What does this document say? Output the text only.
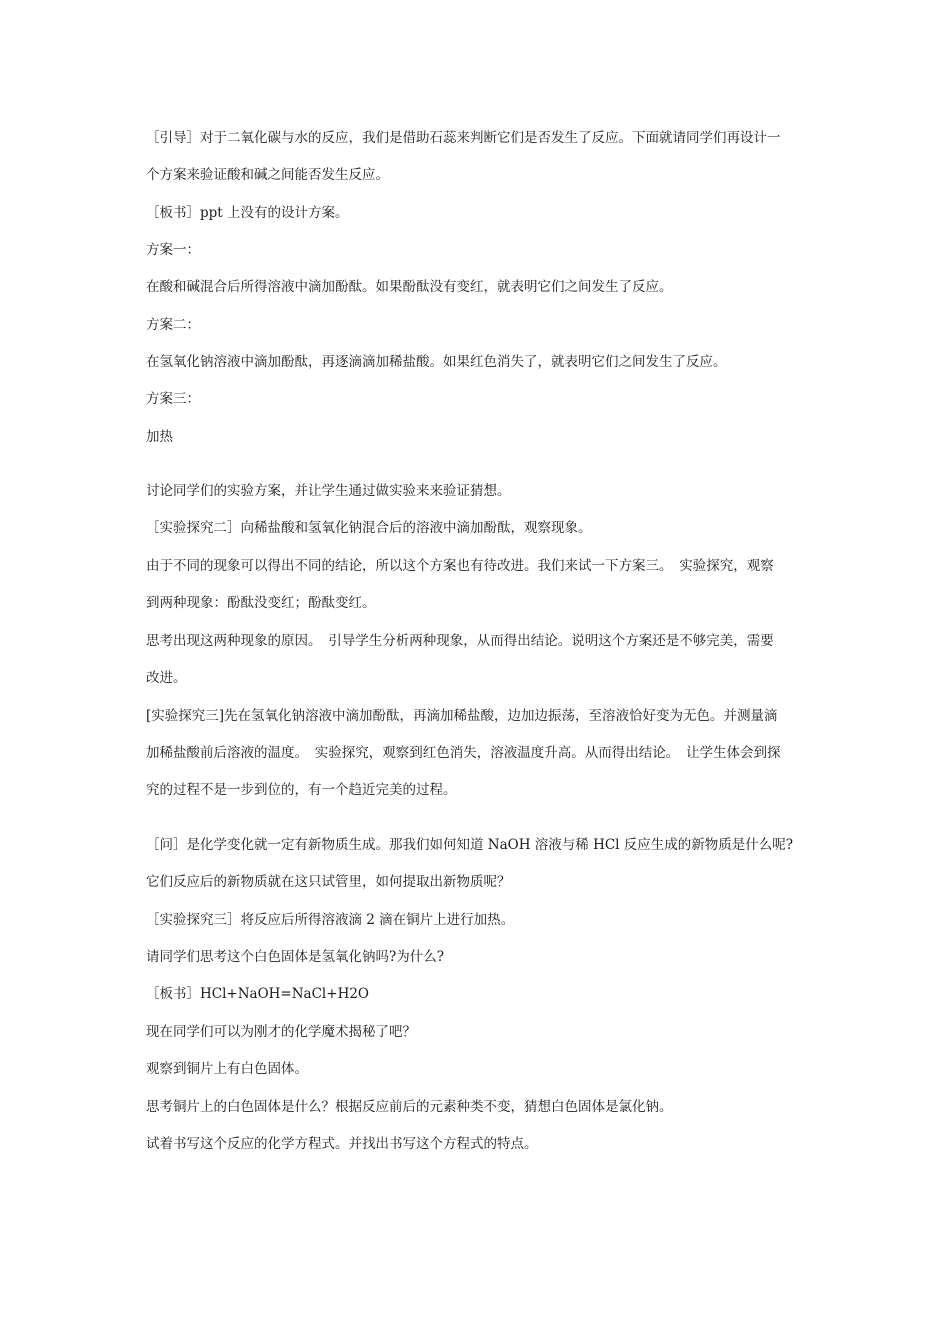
［引导］对于二氧化碳与水的反应，我们是借助石蕊来判断它们是否发生了反应。下面就请同学们再设计一
个方案来验证酸和碱之间能否发生反应。
［板书］ppt 上没有的设计方案。
方案一：
在酸和碱混合后所得溶液中滴加酚酞。如果酚酞没有变红，就表明它们之间发生了反应。
方案二：
在氢氧化钠溶液中滴加酚酞，再逐滴滴加稀盐酸。如果红色消失了，就表明它们之间发生了反应。
方案三：
加热
讨论同学们的实验方案，并让学生通过做实验来来验证猜想。
［实验探究二］向稀盐酸和氢氧化钠混合后的溶液中滴加酚酞，观察现象。
由于不同的现象可以得出不同的结论，所以这个方案也有待改进。我们来试一下方案三。　实验探究，观察
到两种现象：酚酞没变红；酚酞变红。
思考出现这两种现象的原因。　引导学生分析两种现象，从而得出结论。说明这个方案还是不够完美，需要
改进。
[实验探究三]先在氢氧化钠溶液中滴加酚酞，再滴加稀盐酸，边加边振荡，至溶液恰好变为无色。并测量滴
加稀盐酸前后溶液的温度。　实验探究，观察到红色消失，溶液温度升高。从而得出结论。　让学生体会到探
究的过程不是一步到位的，有一个趋近完美的过程。
［问］是化学变化就一定有新物质生成。那我们如何知道 NaOH 溶液与稀 HCl 反应生成的新物质是什么呢?
它们反应后的新物质就在这只试管里，如何提取出新物质呢？
［实验探究三］将反应后所得溶液滴 2 滴在铜片上进行加热。
请同学们思考这个白色固体是氢氧化钠吗?为什么?
［板书］HCl+NaOH=NaCl+H2O
现在同学们可以为刚才的化学魔术揭秘了吧？
观察到铜片上有白色固体。
思考铜片上的白色固体是什么？根据反应前后的元素种类不变，猜想白色固体是氯化钠。
试着书写这个反应的化学方程式。并找出书写这个方程式的特点。
